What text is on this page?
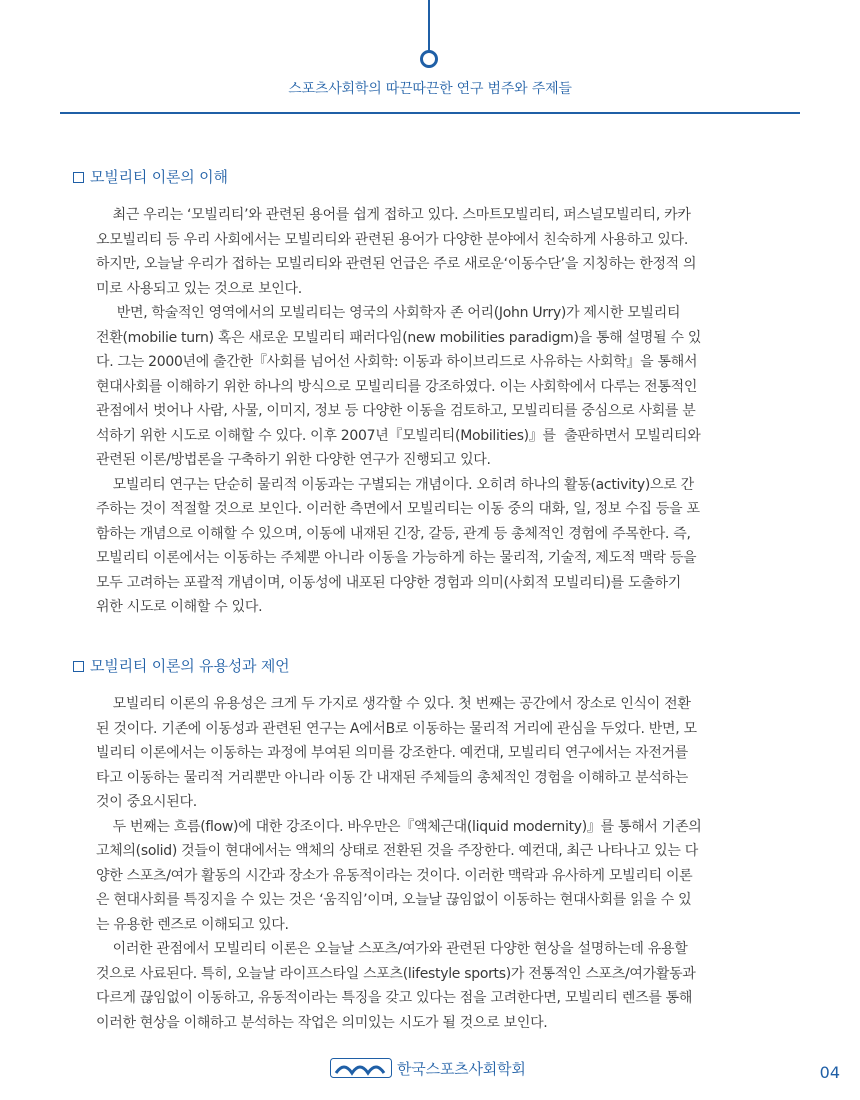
스포츠사회학의 따끈따끈한 연구 범주와 주제들
모빌리티 이론의 이해
최근 우리는 ‘모빌리티’와 관련된 용어를 쉽게 접하고 있다. 스마트모빌리티, 퍼스널모빌리티, 카카
오모빌리티 등 우리 사회에서는 모빌리티와 관련된 용어가 다양한 분야에서 친숙하게 사용하고 있다.
하지만, 오늘날 우리가 접하는 모빌리티와 관련된 언급은 주로 새로운‘이동수단’을 지칭하는 한정적 의
미로 사용되고 있는 것으로 보인다.
반면, 학술적인 영역에서의 모빌리티는 영국의 사회학자 존 어리(John Urry)가 제시한 모빌리티
전환(mobilie turn) 혹은 새로운 모빌리티 패러다임(new mobilities paradigm)을 통해 설명될 수 있
다. 그는 2000년에 출간한『사회를 넘어선 사회학: 이동과 하이브리드로 사유하는 사회학』을 통해서
현대사회를 이해하기 위한 하나의 방식으로 모빌리티를 강조하였다. 이는 사회학에서 다루는 전통적인
관점에서 벗어나 사람, 사물, 이미지, 정보 등 다양한 이동을 검토하고, 모빌리티를 중심으로 사회를 분
석하기 위한 시도로 이해할 수 있다. 이후 2007년『모빌리티(Mobilities)』를  출판하면서 모빌리티와
관련된 이론/방법론을 구축하기 위한 다양한 연구가 진행되고 있다.
모빌리티 연구는 단순히 물리적 이동과는 구별되는 개념이다. 오히려 하나의 활동(activity)으로 간
주하는 것이 적절할 것으로 보인다. 이러한 측면에서 모빌리티는 이동 중의 대화, 일, 정보 수집 등을 포
함하는 개념으로 이해할 수 있으며, 이동에 내재된 긴장, 갈등, 관계 등 총체적인 경험에 주목한다. 즉,
모빌리티 이론에서는 이동하는 주체뿐 아니라 이동을 가능하게 하는 물리적, 기술적, 제도적 맥락 등을
모두 고려하는 포괄적 개념이며, 이동성에 내포된 다양한 경험과 의미(사회적 모빌리티)를 도출하기
위한 시도로 이해할 수 있다.
모빌리티 이론의 유용성과 제언
모빌리티 이론의 유용성은 크게 두 가지로 생각할 수 있다. 첫 번째는 공간에서 장소로 인식이 전환
된 것이다. 기존에 이동성과 관련된 연구는 A에서B로 이동하는 물리적 거리에 관심을 두었다. 반면, 모
빌리티 이론에서는 이동하는 과정에 부여된 의미를 강조한다. 예컨대, 모빌리티 연구에서는 자전거를
타고 이동하는 물리적 거리뿐만 아니라 이동 간 내재된 주체들의 총체적인 경험을 이해하고 분석하는
것이 중요시된다.
두 번째는 흐름(flow)에 대한 강조이다. 바우만은『액체근대(liquid modernity)』를 통해서 기존의
고체의(solid) 것들이 현대에서는 액체의 상태로 전환된 것을 주장한다. 예컨대, 최근 나타나고 있는 다
양한 스포츠/여가 활동의 시간과 장소가 유동적이라는 것이다. 이러한 맥락과 유사하게 모빌리티 이론
은 현대사회를 특징지을 수 있는 것은 ‘움직임’이며, 오늘날 끊임없이 이동하는 현대사회를 읽을 수 있
는 유용한 렌즈로 이해되고 있다.
이러한 관점에서 모빌리티 이론은 오늘날 스포츠/여가와 관련된 다양한 현상을 설명하는데 유용할
것으로 사료된다. 특히, 오늘날 라이프스타일 스포츠(lifestyle sports)가 전통적인 스포츠/여가활동과
다르게 끊임없이 이동하고, 유동적이라는 특징을 갖고 있다는 점을 고려한다면, 모빌리티 렌즈를 통해
이러한 현상을 이해하고 분석하는 작업은 의미있는 시도가 될 것으로 보인다.
한국스포츠사회학회	04
